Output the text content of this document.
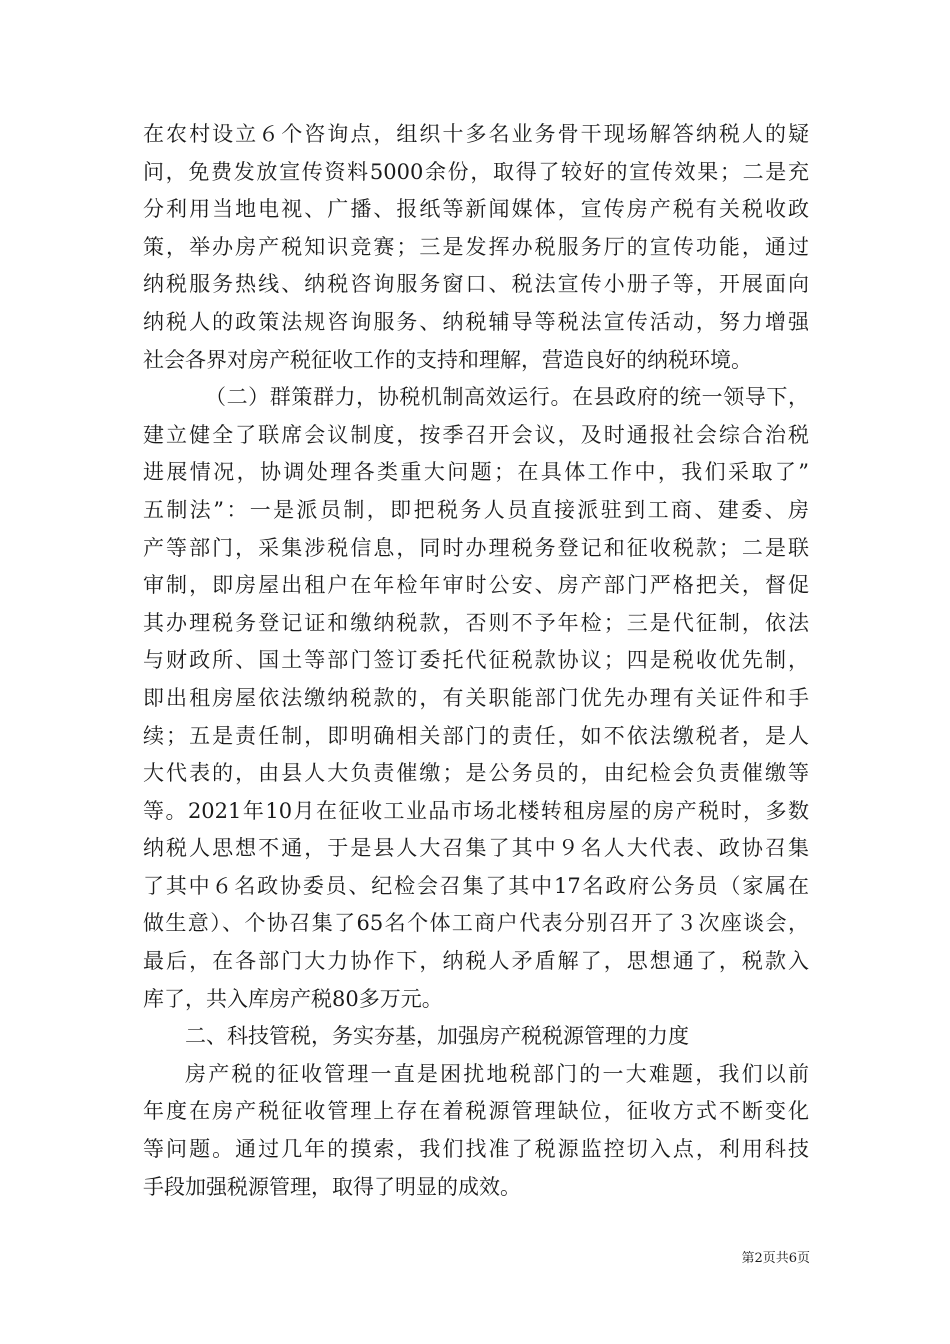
在农村设立６个咨询点，组织十多名业务骨干现场解答纳税人的疑
问，免费发放宣传资料5000余份，取得了较好的宣传效果；二是充
分利用当地电视、广播、报纸等新闻媒体，宣传房产税有关税收政
策，举办房产税知识竞赛；三是发挥办税服务厅的宣传功能，通过
纳税服务热线、纳税咨询服务窗口、税法宣传小册子等，开展面向
纳税人的政策法规咨询服务、纳税辅导等税法宣传活动，努力增强
社会各界对房产税征收工作的支持和理解，营造良好的纳税环境。
（二）群策群力，协税机制高效运行。在县政府的统一领导下，
建立健全了联席会议制度，按季召开会议，及时通报社会综合治税
进展情况，协调处理各类重大问题；在具体工作中，我们采取了”
五制法”：一是派员制，即把税务人员直接派驻到工商、建委、房
产等部门，采集涉税信息，同时办理税务登记和征收税款；二是联
审制，即房屋出租户在年检年审时公安、房产部门严格把关，督促
其办理税务登记证和缴纳税款，否则不予年检；三是代征制，依法
与财政所、国土等部门签订委托代征税款协议；四是税收优先制，
即出租房屋依法缴纳税款的，有关职能部门优先办理有关证件和手
续；五是责任制，即明确相关部门的责任，如不依法缴税者，是人
大代表的，由县人大负责催缴；是公务员的，由纪检会负责催缴等
等。2021年10月在征收工业品市场北楼转租房屋的房产税时，多数
纳税人思想不通，于是县人大召集了其中９名人大代表、政协召集
了其中６名政协委员、纪检会召集了其中17名政府公务员（家属在
做生意）、个协召集了65名个体工商户代表分别召开了３次座谈会，
最后，在各部门大力协作下，纳税人矛盾解了，思想通了，税款入
库了，共入库房产税80多万元。
二、科技管税，务实夯基，加强房产税税源管理的力度
房产税的征收管理一直是困扰地税部门的一大难题，我们以前
年度在房产税征收管理上存在着税源管理缺位，征收方式不断变化
等问题。通过几年的摸索，我们找准了税源监控切入点，利用科技
手段加强税源管理，取得了明显的成效。
第2页共6页
